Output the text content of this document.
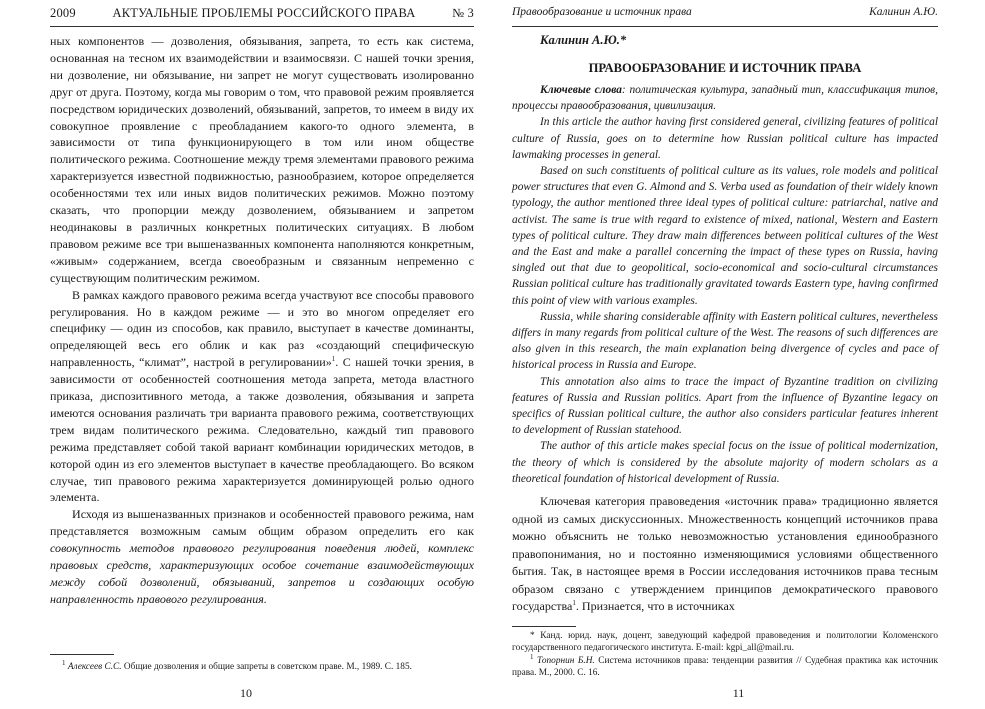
2009	АКТУАЛЬНЫЕ ПРОБЛЕМЫ РОССИЙСКОГО ПРАВА	№ 3

ных компонентов — дозволения, обязывания, запрета, то есть как система, основанная на тесном их взаимодействии и взаимосвязи. С нашей точки зрения, ни дозволение, ни обязывание, ни запрет не могут существовать изолированно друг от друга. Поэтому, когда мы говорим о том, что правовой режим проявляется посредством юридических дозволений, обязываний, запретов, то имеем в виду их совокупное проявление с преобладанием какого-то одного элемента, в зависимости от типа функционирующего в том или ином обществе политического режима. Соотношение между тремя элементами правового режима характеризуется известной подвижностью, разнообразием, которое определяется особенностями тех или иных видов политических режимов. Можно поэтому сказать, что пропорции между дозволением, обязыванием и запретом неодинаковы в различных конкретных политических ситуациях. В любом правовом режиме все три вышеназванных компонента наполняются конкретным, «живым» содержанием, всегда своеобразным и связанным непременно с существующим политическим режимом.

В рамках каждого правового режима всегда участвуют все способы правового регулирования. Но в каждом режиме — и это во многом определяет его специфику — один из способов, как правило, выступает в качестве доминанты, определяющей весь его облик и как раз «создающий специфическую направленность, “климат”, настрой в регулировании»$^1$. С нашей точки зрения, в зависимости от особенностей соотношения метода запрета, метода властного приказа, диспозитивного метода, а также дозволения, обязывания и запрета имеются основания различать три варианта правового режима, соответствующих трем видам политического режима. Следовательно, каждый тип правового режима представляет собой такой вариант комбинации юридических методов, в которой один из его элементов выступает в качестве преобладающего. Во всяком случае, тип правового режима характеризуется доминирующей ролью одного элемента.

Исходя из вышеназванных признаков и особенностей правового режима, нам представляется возможным самым общим образом определить его как совокупность методов правового регулирования поведения людей, комплекс правовых средств, характеризующих особое сочетание взаимодействующих между собой дозволений, обязываний, запретов и создающих особую направленность правового регулирования.

$^1$ Алексеев С.С. Общие дозволения и общие запреты в советском праве. М., 1989. С. 185.
10
Правообразование и источник права	Калинин А.Ю.
Калинин А.Ю.*
ПРАВООБРАЗОВАНИЕ И ИСТОЧНИК ПРАВА

Ключевые слова: политическая культура, западный тип, классификация типов, процессы правообразования, цивилизация.

In this article the author having first considered general, civilizing features of political culture of Russia, goes on to determine how Russian political culture has impacted lawmaking processes in general.

Based on such constituents of political culture as its values, role models and political power structures that even G. Almond and S. Verba used as foundation of their widely known typology, the author mentioned three ideal types of political culture: patriarchal, native and activist. The same is true with regard to existence of mixed, national, Western and Eastern types of political culture. They draw main differences between political cultures of the West and the East and make a parallel concerning the impact of these types on Russia, having singled out that due to geopolitical, socio-economical and socio-cultural circumstances Russian political culture has traditionally gravitated towards Eastern type, having confirmed this point of view with various examples.

Russia, while sharing considerable affinity with Eastern political cultures, nevertheless differs in many regards from political culture of the West. The reasons of such differences are also given in this research, the main explanation being divergence of cycles and pace of historical process in Russia and Europe.

This annotation also aims to trace the impact of Byzantine tradition on civilizing features of Russia and Russian politics. Apart from the influence of Byzantine legacy on specifics of Russian political culture, the author also considers particular features inherent to development of Russian statehood.

The author of this article makes special focus on the issue of political modernization, the theory of which is considered by the absolute majority of modern scholars as a theoretical foundation of historical development of Russia.

Ключевая категория правоведения «источник права» традиционно является одной из самых дискуссионных. Множественность концепций источников права можно объяснить не только невозможностью установления единообразного правопонимания, но и постоянно изменяющимися условиями общественного бытия. Так, в настоящее время в России исследования источников права тесным образом связано с утверждением принципов демократического правового государства$^1$. Признается, что в источниках

* Канд. юрид. наук, доцент, заведующий кафедрой правоведения и политологии Коломенского государственного педагогического института. E-mail: kgpi_all@mail.ru.
$^1$ Топорнин Б.Н. Система источников права: тенденции развития // Судебная практика как источник права. М., 2000. С. 16.
11
